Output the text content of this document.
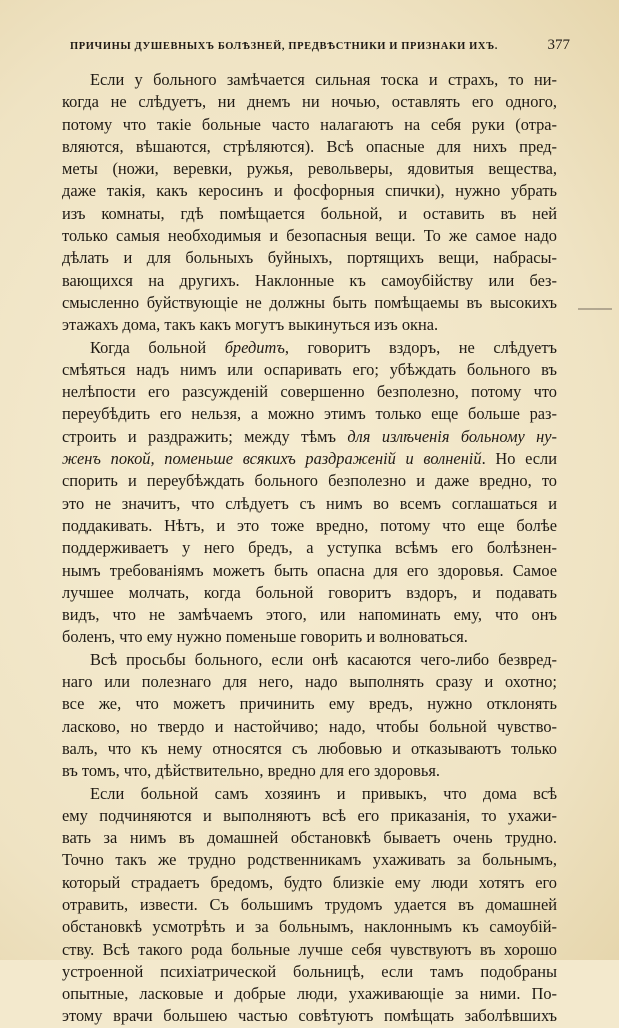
ПРИЧИНЫ ДУШЕВНЫХЪ БОЛѢЗНЕЙ, ПРЕДВѢСТНИКИ И ПРИЗНАКИ ИХЪ.	377
Если у больного замѣчается сильная тоска и страхъ, то ни-
когда не слѣдуетъ, ни днемъ ни ночью, оставлять его одного,
потому что такіе больные часто налагаютъ на себя руки (отра-
вляются, вѣшаются, стрѣляются). Всѣ опасные для нихъ пред-
меты (ножи, веревки, ружья, револьверы, ядовитыя вещества,
даже такія, какъ керосинъ и фосфорныя спички), нужно убрать
изъ комнаты, гдѣ помѣщается больной, и оставить въ ней
только самыя необходимыя и безопасныя вещи. То же самое надо
дѣлать и для больныхъ буйныхъ, портящихъ вещи, набрасы-
вающихся на другихъ. Наклонные къ самоубійству или без-
смысленно буйствующіе не должны быть помѣщаемы въ высокихъ
этажахъ дома, такъ какъ могутъ выкинуться изъ окна.
Когда больной бредитъ, говоритъ вздоръ, не слѣдуетъ
смѣяться надъ нимъ или оспаривать его; убѣждать больного въ
нелѣпости его разсужденій совершенно безполезно, потому что
переубѣдить его нельзя, а можно этимъ только еще больше раз-
строить и раздражить; между тѣмъ для излѣченія больному ну-
женъ покой, поменьше всякихъ раздраженій и волненій. Но если
спорить и переубѣждать больного безполезно и даже вредно, то
это не значитъ, что слѣдуетъ съ нимъ во всемъ соглашаться и
поддакивать. Нѣтъ, и это тоже вредно, потому что еще болѣе
поддерживаетъ у него бредъ, а уступка всѣмъ его болѣзнен-
нымъ требованіямъ можетъ быть опасна для его здоровья. Самое
лучшее молчать, когда больной говоритъ вздоръ, и подавать
видъ, что не замѣчаемъ этого, или напоминать ему, что онъ
боленъ, что ему нужно поменьше говорить и волноваться.
Всѣ просьбы больного, если онѣ касаются чего-либо безвред-
наго или полезнаго для него, надо выполнять сразу и охотно;
все же, что можетъ причинить ему вредъ, нужно отклонять
ласково, но твердо и настойчиво; надо, чтобы больной чувство-
валъ, что къ нему относятся съ любовью и отказываютъ только
въ томъ, что, дѣйствительно, вредно для его здоровья.
Если больной самъ хозяинъ и привыкъ, что дома всѣ
ему подчиняются и выполняютъ всѣ его приказанія, то ухажи-
вать за нимъ въ домашней обстановкѣ бываетъ очень трудно.
Точно такъ же трудно родственникамъ ухаживать за больнымъ,
который страдаетъ бредомъ, будто близкіе ему люди хотятъ его
отравить, извести. Съ большимъ трудомъ удается въ домашней
обстановкѣ усмотрѣть и за больнымъ, наклоннымъ къ самоубій-
ству. Всѣ такого рода больные лучше себя чувствуютъ въ хорошо
устроенной психіатрической больницѣ, если тамъ подобраны
опытные, ласковые и добрые люди, ухаживающіе за ними. По-
этому врачи большею частью совѣтуютъ помѣщать заболѣвшихъ
